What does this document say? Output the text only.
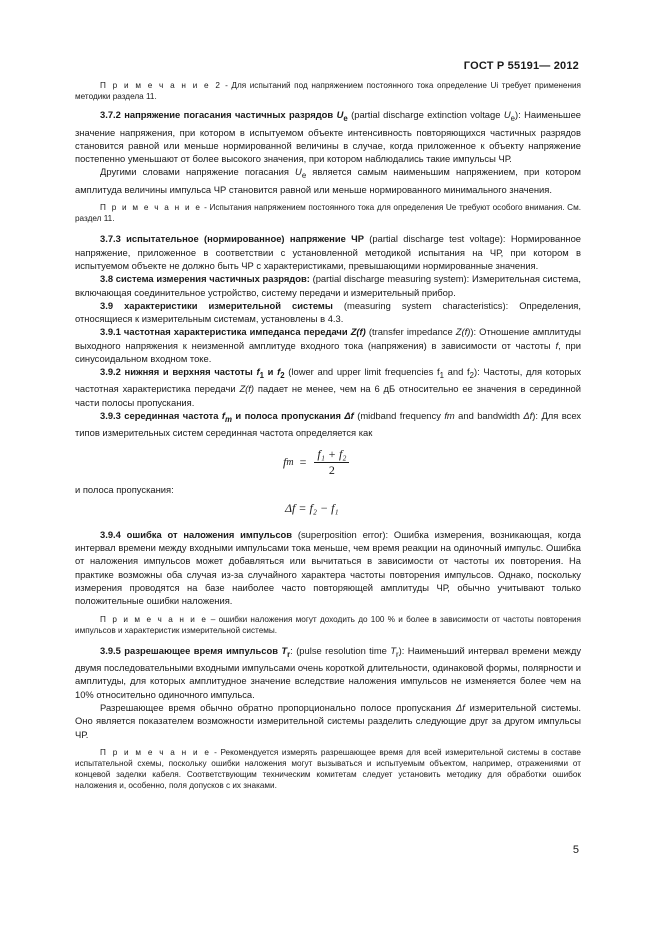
ГОСТ Р 55191— 2012

П р и м е ч а н и е 2 - Для испытаний под напряжением постоянного тока определение Ui требует применения методики раздела 11.

3.7.2 напряжение погасания частичных разрядов $U_e$ (partial discharge extinction voltage $U_e$): Наименьшее значение напряжения, при котором в испытуемом объекте интенсивность повторяющихся частичных разрядов становится равной или меньше нормированной величины в случае, когда приложенное к объекту напряжение постепенно уменьшают от более высокого значения, при котором наблюдались такие импульсы ЧР.

Другими словами напряжение погасания $U_e$ является самым наименьшим напряжением, при котором амплитуда величины импульса ЧР становится равной или меньше нормированного минимального значения.

П р и м е ч а н и е - Испытания напряжением постоянного тока для определения Ue требуют особого внимания. См. раздел 11.

3.7.3 испытательное (нормированное) напряжение ЧР (partial discharge test voltage): Нормированное напряжение, приложенное в соответствии с установленной методикой испытания на ЧР, при котором в испытуемом объекте не должно быть ЧР с характеристиками, превышающими нормированные значения.

3.8 система измерения частичных разрядов: (partial discharge measuring system): Измерительная система, включающая соединительное устройство, систему передачи и измерительный прибор.

3.9 характеристики измерительной системы (measuring system characteristics): Определения, относящиеся к измерительным системам, установлены в 4.3.

3.9.1 частотная характеристика импеданса передачи Z(f) (transfer impedance Z(f)): Отношение амплитуды выходного напряжения к неизменной амплитуде входного тока (напряжения) в зависимости от частоты f, при синусоидальном входном токе.

3.9.2 нижняя и верхняя частоты $f_1$ и $f_2$ (lower and upper limit frequencies $f_1$ and $f_2$): Частоты, для которых частотная характеристика передачи Z(f) падает не менее, чем на 6 дБ относительно ее значения в серединной части полосы пропускания.

3.9.3 серединная частота $f_m$ и полоса пропускания Δf (midband frequency fm and bandwidth Δf): Для всех типов измерительных систем серединная частота определяется как

f $m = \frac{\text{f₁ + f₂}}{2}$

и полоса пропускания:

Δf = f₂ − f₁

3.9.4 ошибка от наложения импульсов (superposition error): Ошибка измерения, возникающая, когда интервал времени между входными импульсами тока меньше, чем время реакции на одиночный импульс. Ошибка от наложения импульсов может добавляться или вычитаться в зависимости от частоты их повторения. На практике возможны оба случая из-за случайного характера частоты повторения импульсов. Однако, поскольку измерения проводятся на базе наиболее часто повторяющей амплитуды ЧР, обычно учитывают только положительные ошибки наложения.

П р и м е ч а н и е – ошибки наложения могут доходить до 100 % и более в зависимости от частоты повторения импульсов и характеристик измерительной системы.

3.9.5 разрешающее время импульсов $T_r$: (pulse resolution time $T_r$): Наименьший интервал времени между двумя последовательными входными импульсами очень короткой длительности, одинаковой формы, полярности и амплитуды, для которых амплитудное значение вследствие наложения импульсов не изменяется более чем на 10% относительно одиночного импульса.

Разрешающее время обычно обратно пропорционально полосе пропускания Δf измерительной системы. Оно является показателем возможности измерительной системы разделить следующие друг за другом импульсы ЧР.

П р и м е ч а н и е - Рекомендуется измерять разрешающее время для всей измерительной системы в составе испытательной схемы, поскольку ошибки наложения могут вызываться и испытуемым объектом, например, отражениями от концевой заделки кабеля. Соответствующим техническим комитетам следует установить методику для обработки ошибок наложения и, особенно, поля допусков с их знаками.

5
